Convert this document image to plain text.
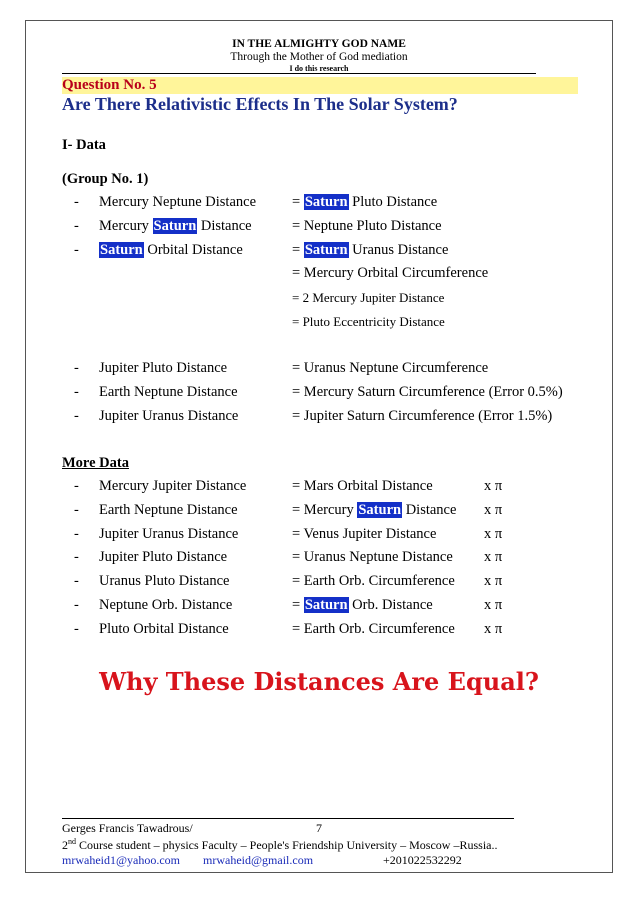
IN THE ALMIGHTY GOD NAME
Through the Mother of God mediation
I do this research
Question No. 5
Are There Relativistic Effects In The Solar System?
I- Data
(Group No. 1)
- Mercury Neptune Distance = Saturn Pluto Distance
- Mercury Saturn Distance	= Neptune Pluto Distance
- Saturn Orbital Distance	= Saturn Uranus Distance
= Mercury Orbital Circumference
= 2 Mercury Jupiter Distance
= Pluto Eccentricity Distance
- Jupiter Pluto Distance	= Uranus Neptune Circumference
- Earth Neptune Distance	= Mercury Saturn Circumference (Error 0.5%)
- Jupiter Uranus Distance	= Jupiter Saturn Circumference (Error 1.5%)
More Data
- Mercury Jupiter Distance	= Mars Orbital Distance	x π
- Earth Neptune Distance	= Mercury Saturn Distance x π
- Jupiter Uranus Distance	= Venus Jupiter Distance	x π
- Jupiter Pluto Distance	= Uranus Neptune Distance x π
- Uranus Pluto Distance	= Earth Orb. Circumference x π
- Neptune Orb. Distance	= Saturn Orb. Distance	x π
- Pluto Orbital Distance	= Earth Orb. Circumference x π
Why These Distances Are Equal?
Gerges Francis Tawadrous/	7
2nd Course student – physics Faculty – People's Friendship University – Moscow –Russia..
mrwaheid1@yahoo.com mrwaheid@gmail.com	+201022532292
